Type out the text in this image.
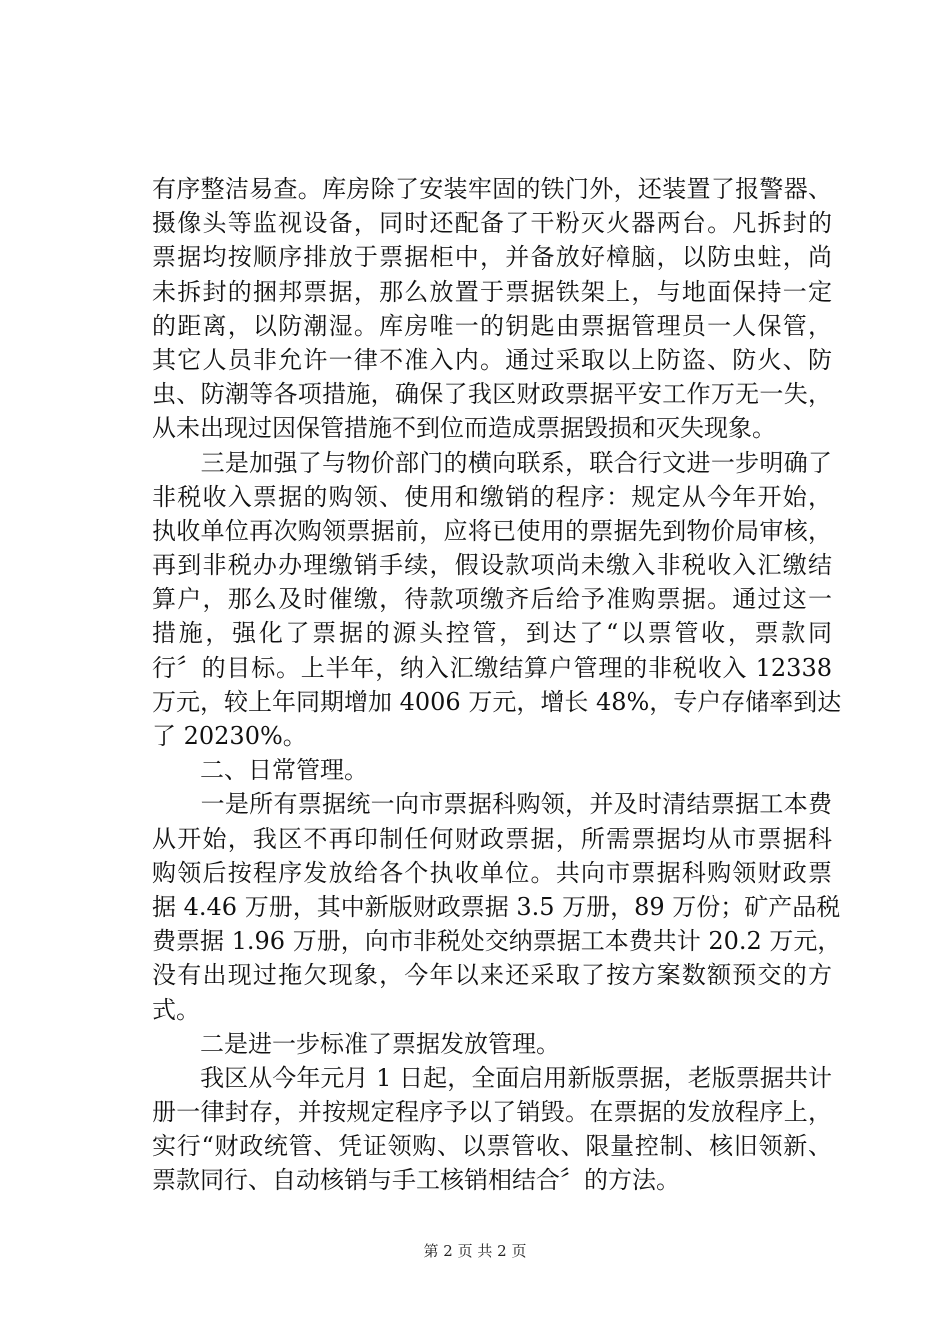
有序整洁易查。库房除了安装牢固的铁门外，还装置了报警器、
摄像头等监视设备，同时还配备了干粉灭火器两台。凡拆封的
票据均按顺序排放于票据柜中，并备放好樟脑，以防虫蛀，尚
未拆封的捆邦票据，那么放置于票据铁架上，与地面保持一定
的距离，以防潮湿。库房唯一的钥匙由票据管理员一人保管，
其它人员非允许一律不准入内。通过采取以上防盗、防火、防
虫、防潮等各项措施，确保了我区财政票据平安工作万无一失，
从未出现过因保管措施不到位而造成票据毁损和灭失现象。
　　三是加强了与物价部门的横向联系，联合行文进一步明确了
非税收入票据的购领、使用和缴销的程序：规定从今年开始，
执收单位再次购领票据前，应将已使用的票据先到物价局审核，
再到非税办办理缴销手续，假设款项尚未缴入非税收入汇缴结
算户，那么及时催缴，待款项缴齐后给予准购票据。通过这一
措施，强化了票据的源头控管，到达了“以票管收，票款同
行〞的目标。上半年，纳入汇缴结算户管理的非税收入 12338
万元，较上年同期增加 4006 万元，增长 48%，专户存储率到达
了 20230%。
　　二、日常管理。
　　一是所有票据统一向市票据科购领，并及时清结票据工本费
从开始，我区不再印制任何财政票据，所需票据均从市票据科
购领后按程序发放给各个执收单位。共向市票据科购领财政票
据 4.46 万册，其中新版财政票据 3.5 万册，89 万份；矿产品税
费票据 1.96 万册，向市非税处交纳票据工本费共计 20.2 万元，
没有出现过拖欠现象，今年以来还采取了按方案数额预交的方
式。
　　二是进一步标准了票据发放管理。
　　我区从今年元月 1 日起，全面启用新版票据，老版票据共计
册一律封存，并按规定程序予以了销毁。在票据的发放程序上，
实行“财政统管、凭证领购、以票管收、限量控制、核旧领新、
票款同行、自动核销与手工核销相结合〞的方法。
第 2 页 共 2 页
